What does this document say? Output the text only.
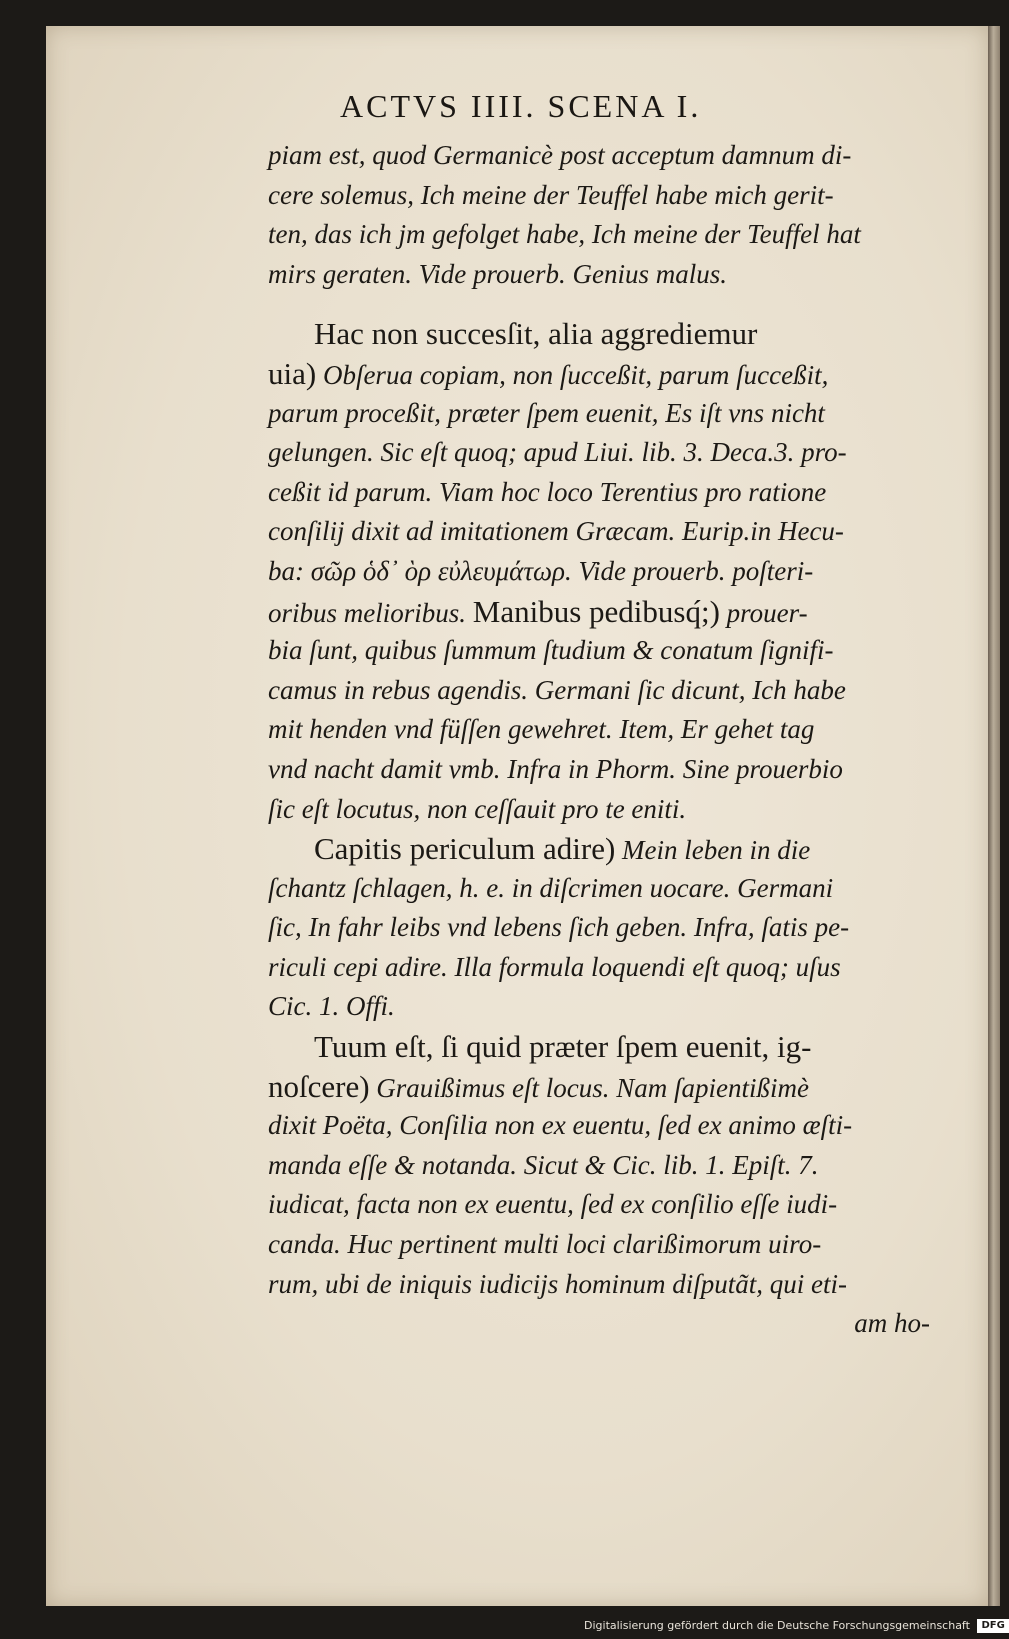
ACTVS IIII. SCENA I.
piam est, quod Germanicè post acceptum damnum di-
cere solemus, Ich meine der Teuffel habe mich gerit-
ten, das ich jm gefolget habe, Ich meine der Teuffel hat
mirs geraten. Vide prouerb. Genius malus.
Hac non succesſit, alia aggrediemur
uia) Obſerua copiam, non ſucceßit, parum ſucceßit,
parum proceßit, præter ſpem euenit, Es iſt vns nicht
gelungen. Sic eſt quoq; apud Liui. lib. 3. Deca.3. pro-
ceßit id parum. Viam hoc loco Terentius pro ratione
conſilij dixit ad imitationem Græcam. Eurip.in Hecu-
ba: σῶρ ὁδ᾽ ὸρ εὐλευμάτωρ. Vide prouerb. poſteri-
oribus melioribus. Manibus pedibusq́;) prouer-
bia ſunt, quibus ſummum ſtudium & conatum ſignifi-
camus in rebus agendis. Germani ſic dicunt, Ich habe
mit henden vnd füſſen gewehret. Item, Er gehet tag
vnd nacht damit vmb. Infra in Phorm. Sine prouerbio
ſic eſt locutus, non ceſſauit pro te eniti.
Capitis periculum adire) Mein leben in die
ſchantz ſchlagen, h. e. in diſcrimen uocare. Germani
ſic, In fahr leibs vnd lebens ſich geben. Infra, ſatis pe-
riculi cepi adire. Illa formula loquendi eſt quoq; uſus
Cic. 1. Offi.
Tuum eſt, ſi quid præter ſpem euenit, ig-
noſcere) Grauißimus eſt locus. Nam ſapientißimè
dixit Poëta, Conſilia non ex euentu, ſed ex animo æſti-
manda eſſe & notanda. Sicut & Cic. lib. 1. Epiſt. 7.
iudicat, facta non ex euentu, ſed ex conſilio eſſe iudi-
canda. Huc pertinent multi loci clarißimorum uiro-
rum, ubi de iniquis iudicijs hominum diſputãt, qui eti-
am ho-
Digitalisierung gefördert durch die Deutsche Forschungsgemeinschaft DFG
